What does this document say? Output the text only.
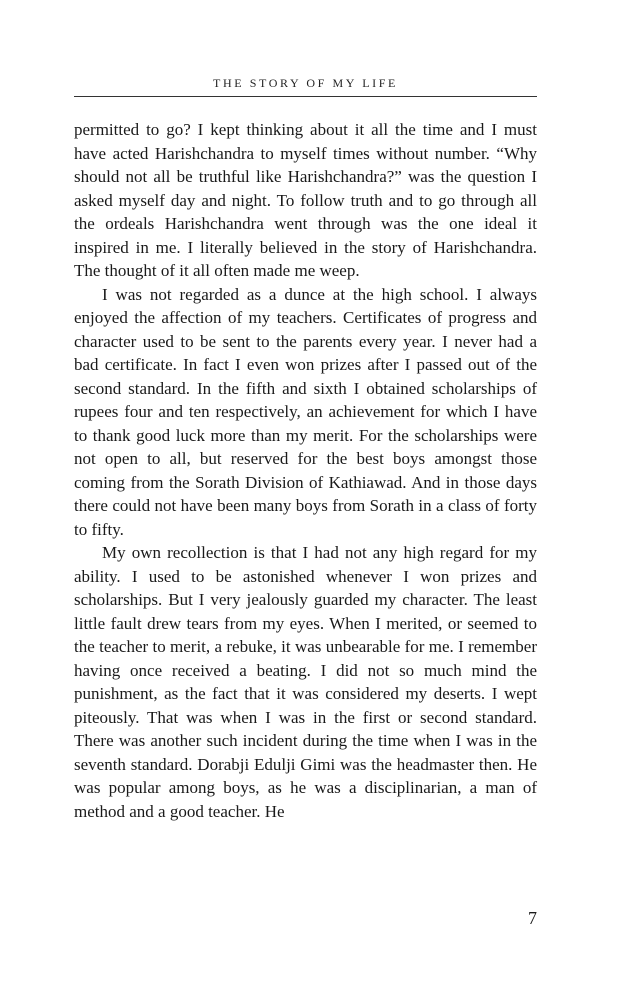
THE STORY OF MY LIFE

permitted to go? I kept thinking about it all the time and I must have acted Harishchandra to myself times without number. “Why should not all be truthful like Harishchandra?” was the question I asked myself day and night. To follow truth and to go through all the ordeals Harishchandra went through was the one ideal it inspired in me. I literally believed in the story of Harishchandra. The thought of it all often made me weep.

I was not regarded as a dunce at the high school. I always enjoyed the affection of my teachers. Certificates of progress and character used to be sent to the parents every year. I never had a bad certificate. In fact I even won prizes after I passed out of the second standard. In the fifth and sixth I obtained scholarships of rupees four and ten respectively, an achievement for which I have to thank good luck more than my merit. For the scholarships were not open to all, but reserved for the best boys amongst those coming from the Sorath Division of Kathiawad. And in those days there could not have been many boys from Sorath in a class of forty to fifty.

My own recollection is that I had not any high regard for my ability. I used to be astonished whenever I won prizes and scholarships. But I very jealously guarded my character. The least little fault drew tears from my eyes. When I merited, or seemed to the teacher to merit, a rebuke, it was unbearable for me. I remember having once received a beating. I did not so much mind the punishment, as the fact that it was considered my deserts. I wept piteously. That was when I was in the first or second standard. There was another such incident during the time when I was in the seventh standard. Dorabji Edulji Gimi was the headmaster then. He was popular among boys, as he was a disciplinarian, a man of method and a good teacher. He

7
